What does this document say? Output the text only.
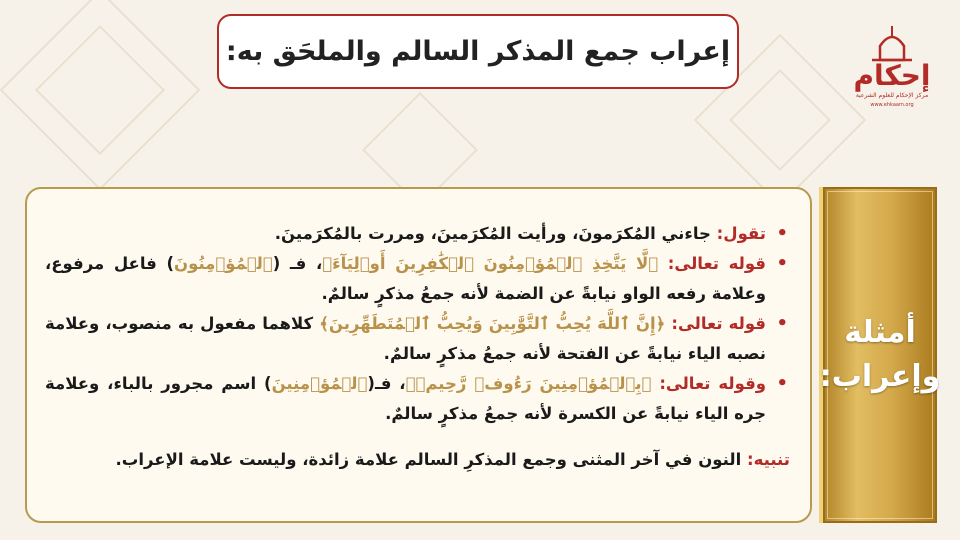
إعراب جمع المذكر السالم والملحَق به:
إحكام
مركز الإحكام للعلوم الشرعية
www.ehkaam.org
• تقول: جاءني المُكرَمونَ، ورأيت المُكرَمينَ، ومررت بالمُكرَمينَ.
• قوله تعالى: ﴿لَّا يَتَّخِذِ ٱلۡمُؤۡمِنُونَ ٱلۡكَٰفِرِينَ أَوۡلِيَآءَ﴾، فـ (ٱلۡمُؤۡمِنُونَ) فاعل مرفوع، وعلامة رفعه الواو نيابةً عن الضمة لأنه جمعُ مذكرٍ سالمٌ.
• قوله تعالى: ﴿إِنَّ ٱللَّهَ يُحِبُّ ٱلتَّوَّٰبِينَ وَيُحِبُّ ٱلۡمُتَطَهِّرِينَ﴾ كلاهما مفعول به منصوب، وعلامة نصبه الياء نيابةً عن الفتحة لأنه جمعُ مذكرٍ سالمٌ.
• وقوله تعالى: ﴿بِٱلۡمُؤۡمِنِينَ رَءُوفٞ رَّحِيمٞ﴾، فـ(ٱلۡمُؤۡمِنِينَ) اسم مجرور بالباء، وعلامة جره الياء نيابةً عن الكسرة لأنه جمعُ مذكرٍ سالمٌ.
تنبيه: النون في آخر المثنى وجمع المذكرِ السالم علامة زائدة، وليست علامة الإعراب.
أمثلة
وإعراب:
